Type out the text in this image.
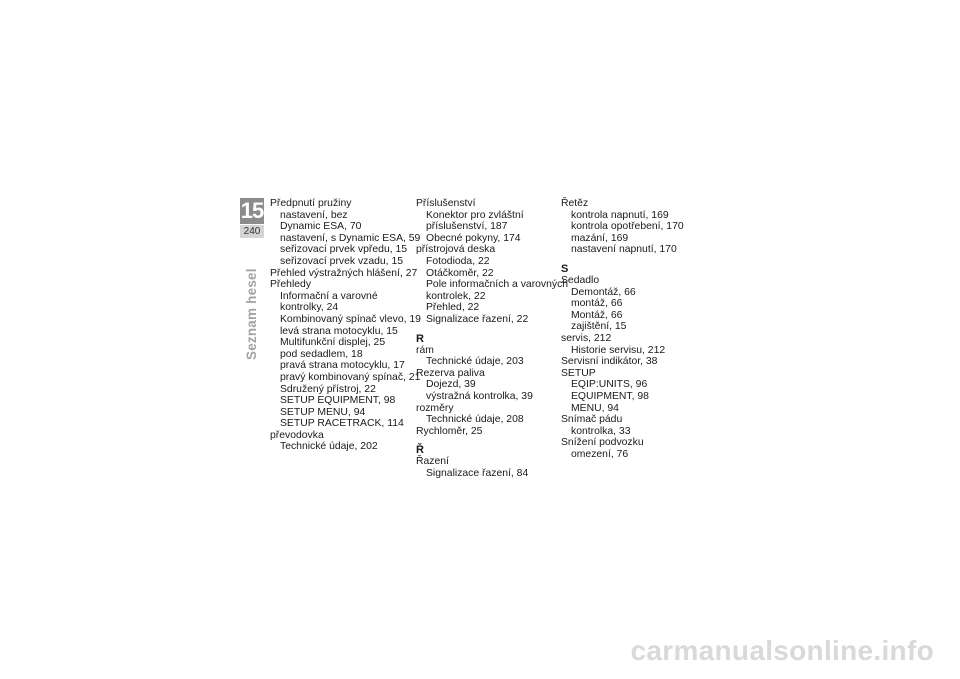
15
240
Seznam hesel
Předpnutí pružiny
nastavení, bez
Dynamic ESA, 70
nastavení, s Dynamic ESA, 59
seřizovací prvek vpředu, 15
seřizovací prvek vzadu, 15
Přehled výstražných hlášení, 27
Přehledy
Informační a varovné
kontrolky, 24
Kombinovaný spínač vlevo, 19
levá strana motocyklu, 15
Multifunkční displej, 25
pod sedadlem, 18
pravá strana motocyklu, 17
pravý kombinovaný spínač, 21
Sdružený přístroj, 22
SETUP EQUIPMENT, 98
SETUP MENU, 94
SETUP RACETRACK, 114
převodovka
Technické údaje, 202
Příslušenství
Konektor pro zvláštní
příslušenství, 187
Obecné pokyny, 174
přístrojová deska
Fotodioda, 22
Otáčkoměr, 22
Pole informačních a varovných
kontrolek, 22
Přehled, 22
Signalizace řazení, 22
R
rám
Technické údaje, 203
Rezerva paliva
Dojezd, 39
výstražná kontrolka, 39
rozměry
Technické údaje, 208
Rychloměr, 25
Ř
Řazení
Signalizace řazení, 84
Řetěz
kontrola napnutí, 169
kontrola opotřebení, 170
mazání, 169
nastavení napnutí, 170
S
Sedadlo
Demontáž, 66
montáž, 66
Montáž, 66
zajištění, 15
servis, 212
Historie servisu, 212
Servisní indikátor, 38
SETUP
EQIP:UNITS, 96
EQUIPMENT, 98
MENU, 94
Snímač pádu
kontrolka, 33
Snížení podvozku
omezení, 76
carmanualsonline.info
